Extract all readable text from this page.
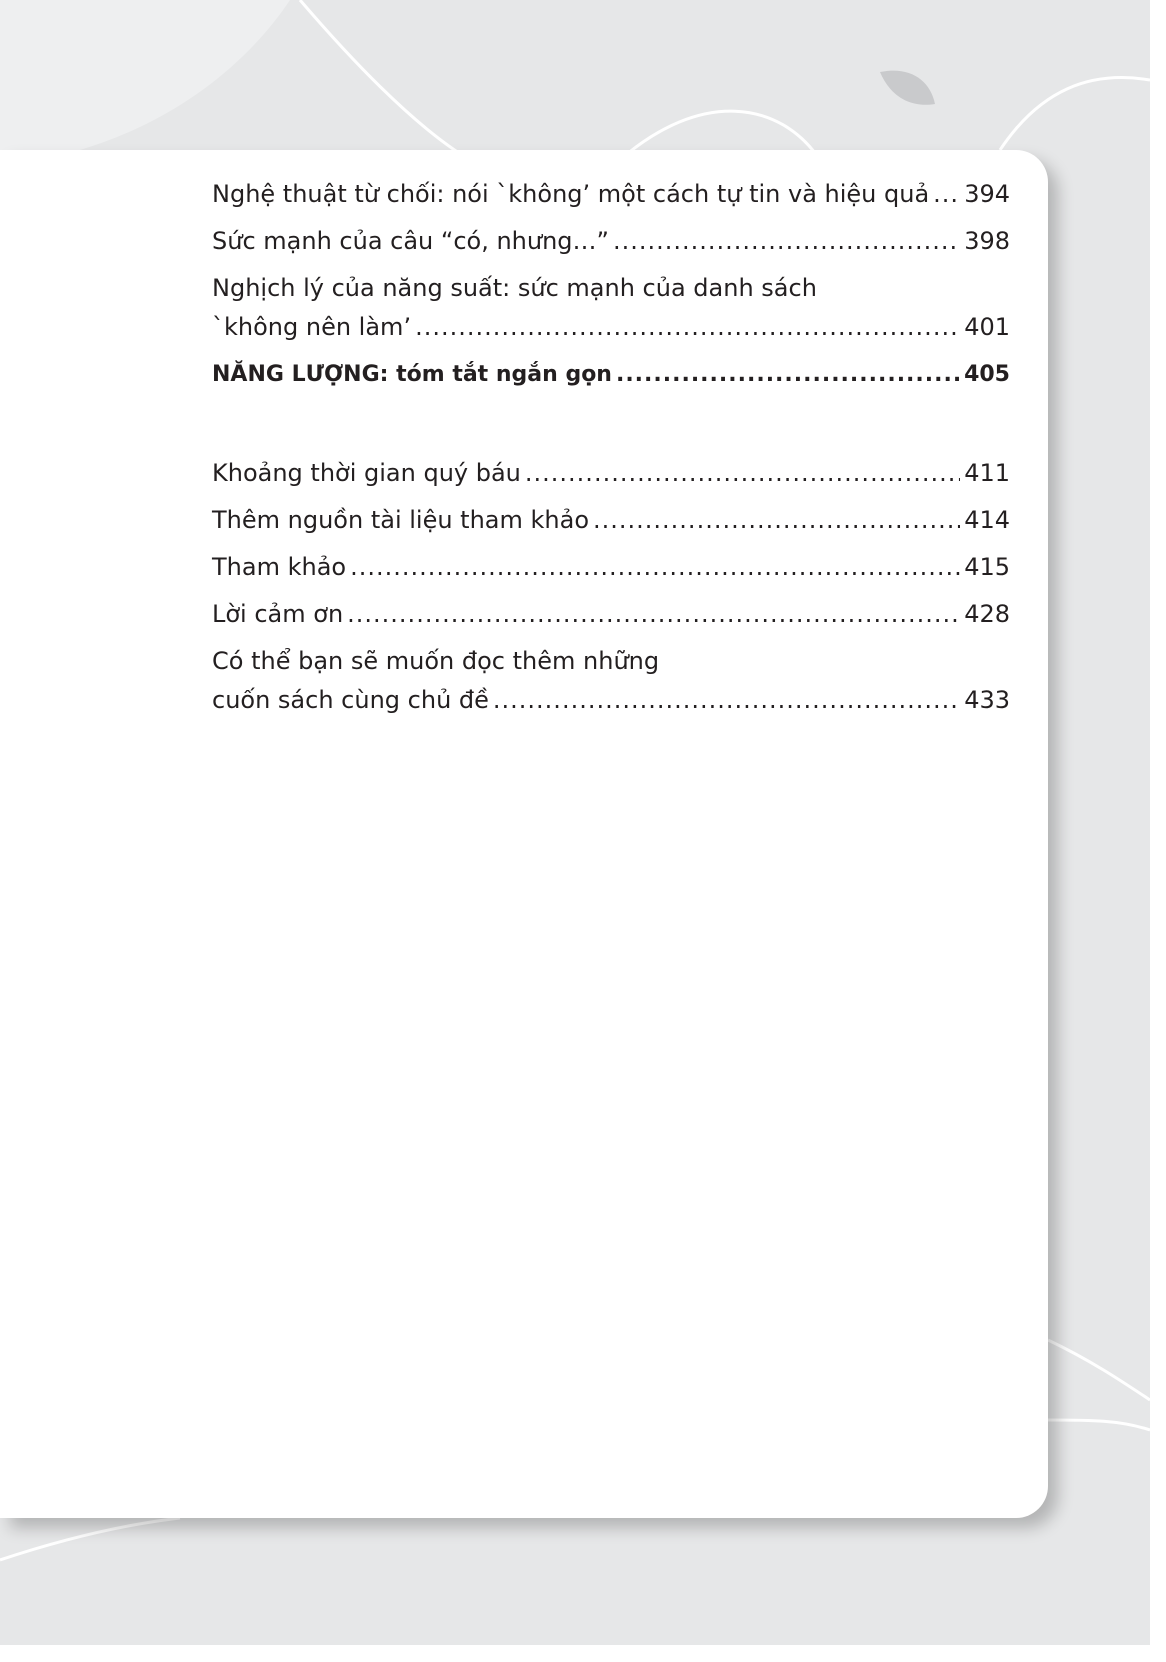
Nghệ thuật từ chối: nói `không’ một cách tự tin và hiệu quả ..... 394
Sức mạnh của câu “có, nhưng…” .....	398
Nghịch lý của năng suất: sức mạnh của danh sách
`không nên làm’ .....	401
NĂNG LƯỢNG: tóm tắt ngắn gọn .....	405
Khoảng thời gian quý báu .....	411
Thêm nguồn tài liệu tham khảo .....	414
Tham khảo .....	415
Lời cảm ơn .....	428
Có thể bạn sẽ muốn đọc thêm những
cuốn sách cùng chủ đề .....	433
